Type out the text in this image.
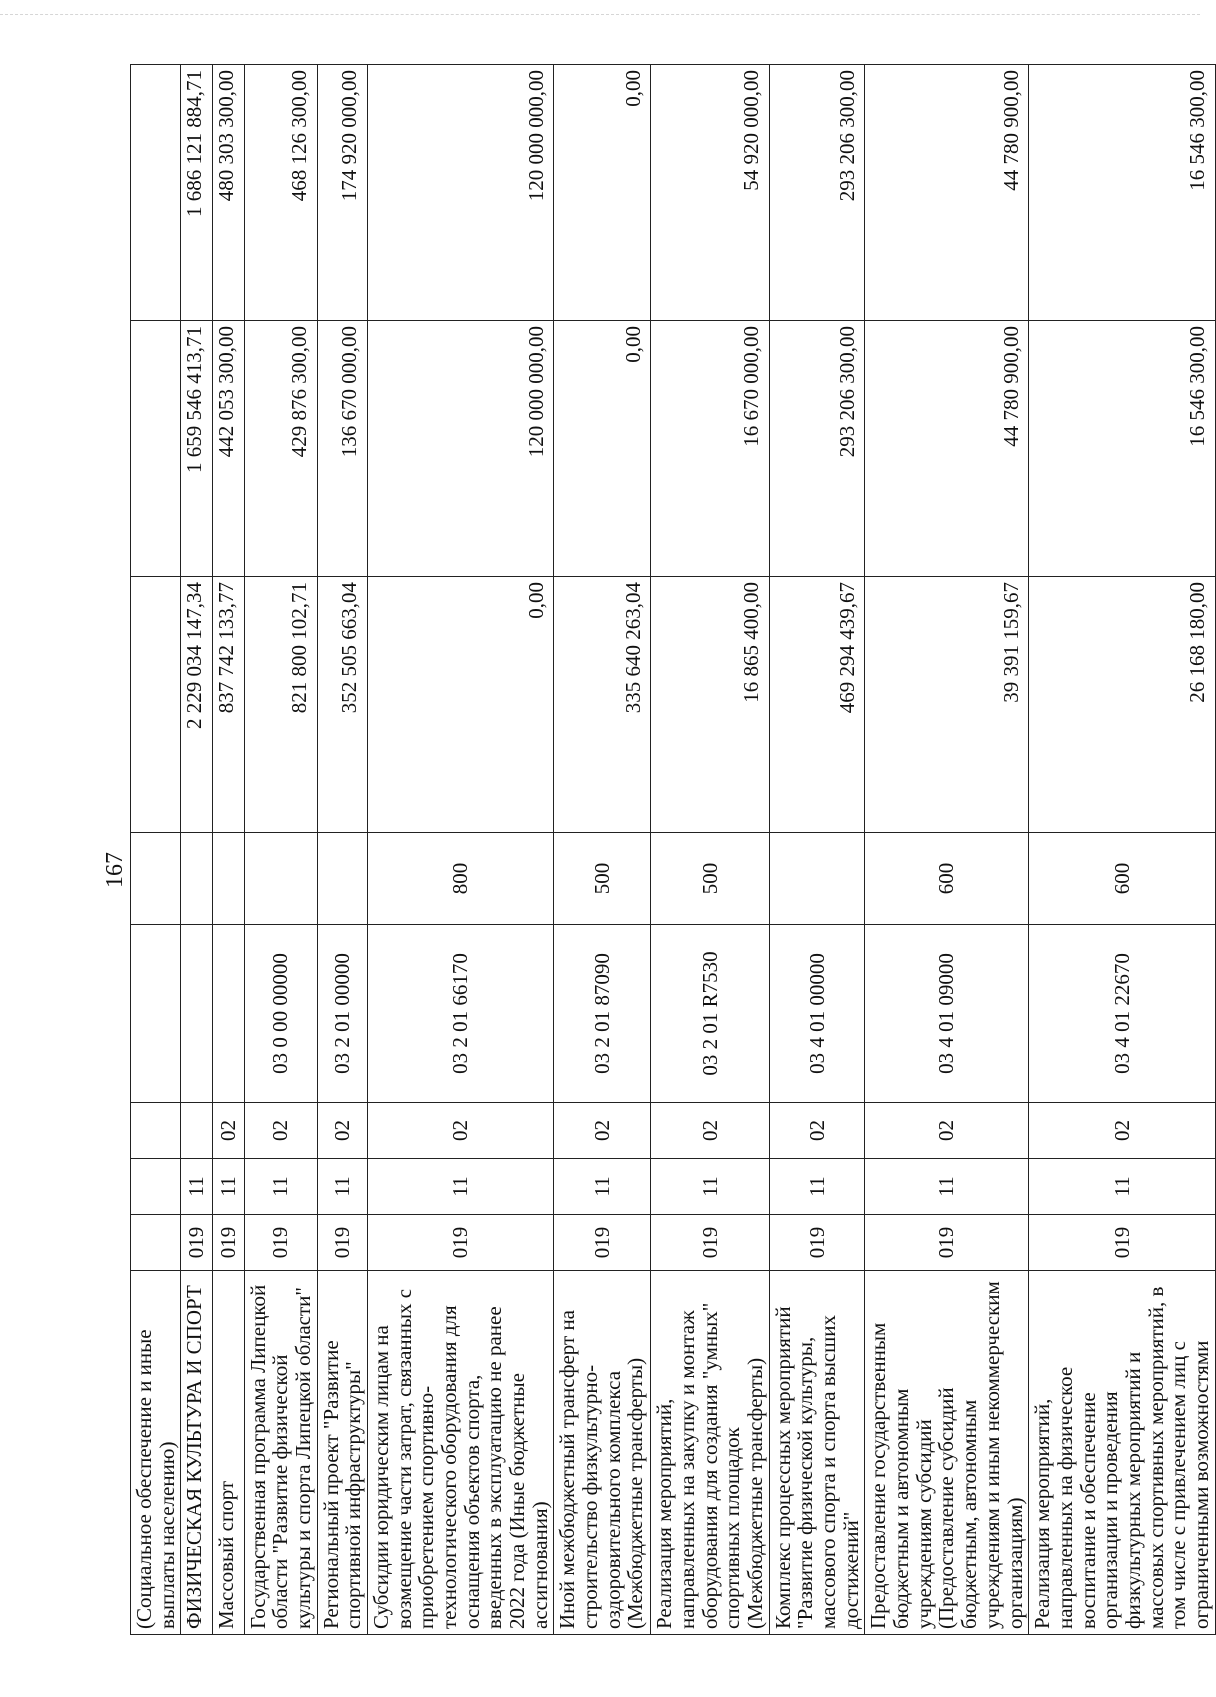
167
(Социальное обеспечение и иные выплаты населению)								
ФИЗИЧЕСКАЯ КУЛЬТУРА И СПОРТ	019	11				2 229 034 147,34	1 659 546 413,71	1 686 121 884,71
Массовый спорт	019	11	02			837 742 133,77	442 053 300,00	480 303 300,00
Государственная программа Липецкой области "Развитие физической культуры и спорта Липецкой области"	019	11	02	03 0 00 00000		821 800 102,71	429 876 300,00	468 126 300,00
Региональный проект "Развитие спортивной инфраструктуры"	019	11	02	03 2 01 00000		352 505 663,04	136 670 000,00	174 920 000,00
Субсидии юридическим лицам на возмещение части затрат, связанных с приобретением спортивно-технологического оборудования для оснащения объектов спорта, введенных в эксплуатацию не ранее 2022 года (Иные бюджетные ассигнования)	019	11	02	03 2 01 66170	800	0,00	120 000 000,00	120 000 000,00
Иной межбюджетный трансферт на строительство физкультурно-оздоровительного комплекса (Межбюджетные трансферты)	019	11	02	03 2 01 87090	500	335 640 263,04	0,00	0,00
Реализация мероприятий, направленных на закупку и монтаж оборудования для создания "умных" спортивных площадок (Межбюджетные трансферты)	019	11	02	03 2 01 R7530	500	16 865 400,00	16 670 000,00	54 920 000,00
Комплекс процессных мероприятий "Развитие физической культуры, массового спорта и спорта высших достижений"	019	11	02	03 4 01 00000		469 294 439,67	293 206 300,00	293 206 300,00
Предоставление государственным бюджетным и автономным учреждениям субсидий (Предоставление субсидий бюджетным, автономным учреждениям и иным некоммерческим организациям)	019	11	02	03 4 01 09000	600	39 391 159,67	44 780 900,00	44 780 900,00
Реализация мероприятий, направленных на физическое воспитание и обеспечение организации и проведения физкультурных мероприятий и массовых спортивных мероприятий, в том числе с привлечением лиц с ограниченными возможностями	019	11	02	03 4 01 22670	600	26 168 180,00	16 546 300,00	16 546 300,00
